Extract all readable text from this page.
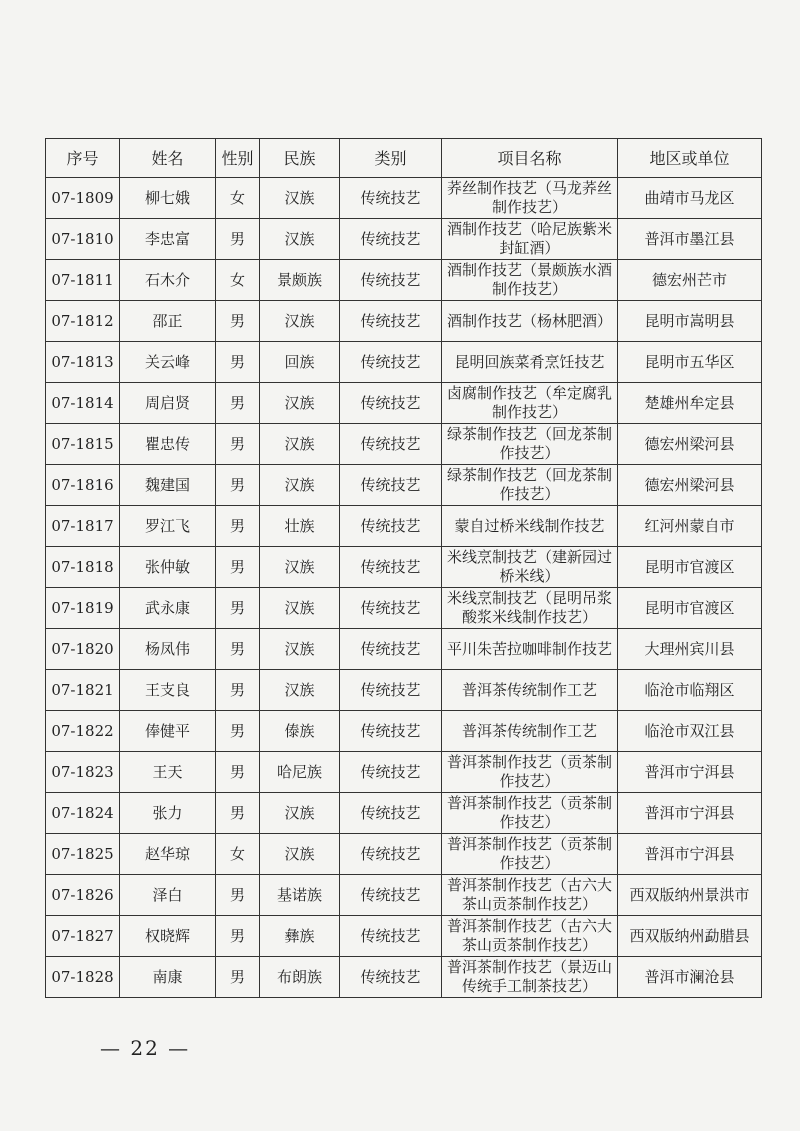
序号	姓名	性别	民族	类别	项目名称	地区或单位
07-1809	柳七娥	女	汉族	传统技艺	荞丝制作技艺（马龙荞丝制作技艺）	曲靖市马龙区
07-1810	李忠富	男	汉族	传统技艺	酒制作技艺（哈尼族紫米封缸酒）	普洱市墨江县
07-1811	石木介	女	景颇族	传统技艺	酒制作技艺（景颇族水酒制作技艺）	德宏州芒市
07-1812	邵正	男	汉族	传统技艺	酒制作技艺（杨林肥酒）	昆明市嵩明县
07-1813	关云峰	男	回族	传统技艺	昆明回族菜肴烹饪技艺	昆明市五华区
07-1814	周启贤	男	汉族	传统技艺	卤腐制作技艺（牟定腐乳制作技艺）	楚雄州牟定县
07-1815	瞿忠传	男	汉族	传统技艺	绿茶制作技艺（回龙茶制作技艺）	德宏州梁河县
07-1816	魏建国	男	汉族	传统技艺	绿茶制作技艺（回龙茶制作技艺）	德宏州梁河县
07-1817	罗江飞	男	壮族	传统技艺	蒙自过桥米线制作技艺	红河州蒙自市
07-1818	张仲敏	男	汉族	传统技艺	米线烹制技艺（建新园过桥米线）	昆明市官渡区
07-1819	武永康	男	汉族	传统技艺	米线烹制技艺（昆明吊浆酸浆米线制作技艺）	昆明市官渡区
07-1820	杨凤伟	男	汉族	传统技艺	平川朱苦拉咖啡制作技艺	大理州宾川县
07-1821	王支良	男	汉族	传统技艺	普洱茶传统制作工艺	临沧市临翔区
07-1822	俸健平	男	傣族	传统技艺	普洱茶传统制作工艺	临沧市双江县
07-1823	王天	男	哈尼族	传统技艺	普洱茶制作技艺（贡茶制作技艺）	普洱市宁洱县
07-1824	张力	男	汉族	传统技艺	普洱茶制作技艺（贡茶制作技艺）	普洱市宁洱县
07-1825	赵华琼	女	汉族	传统技艺	普洱茶制作技艺（贡茶制作技艺）	普洱市宁洱县
07-1826	泽白	男	基诺族	传统技艺	普洱茶制作技艺（古六大茶山贡茶制作技艺）	西双版纳州景洪市
07-1827	权晓辉	男	彝族	传统技艺	普洱茶制作技艺（古六大茶山贡茶制作技艺）	西双版纳州勐腊县
07-1828	南康	男	布朗族	传统技艺	普洱茶制作技艺（景迈山传统手工制茶技艺）	普洱市澜沧县
— 22 —
